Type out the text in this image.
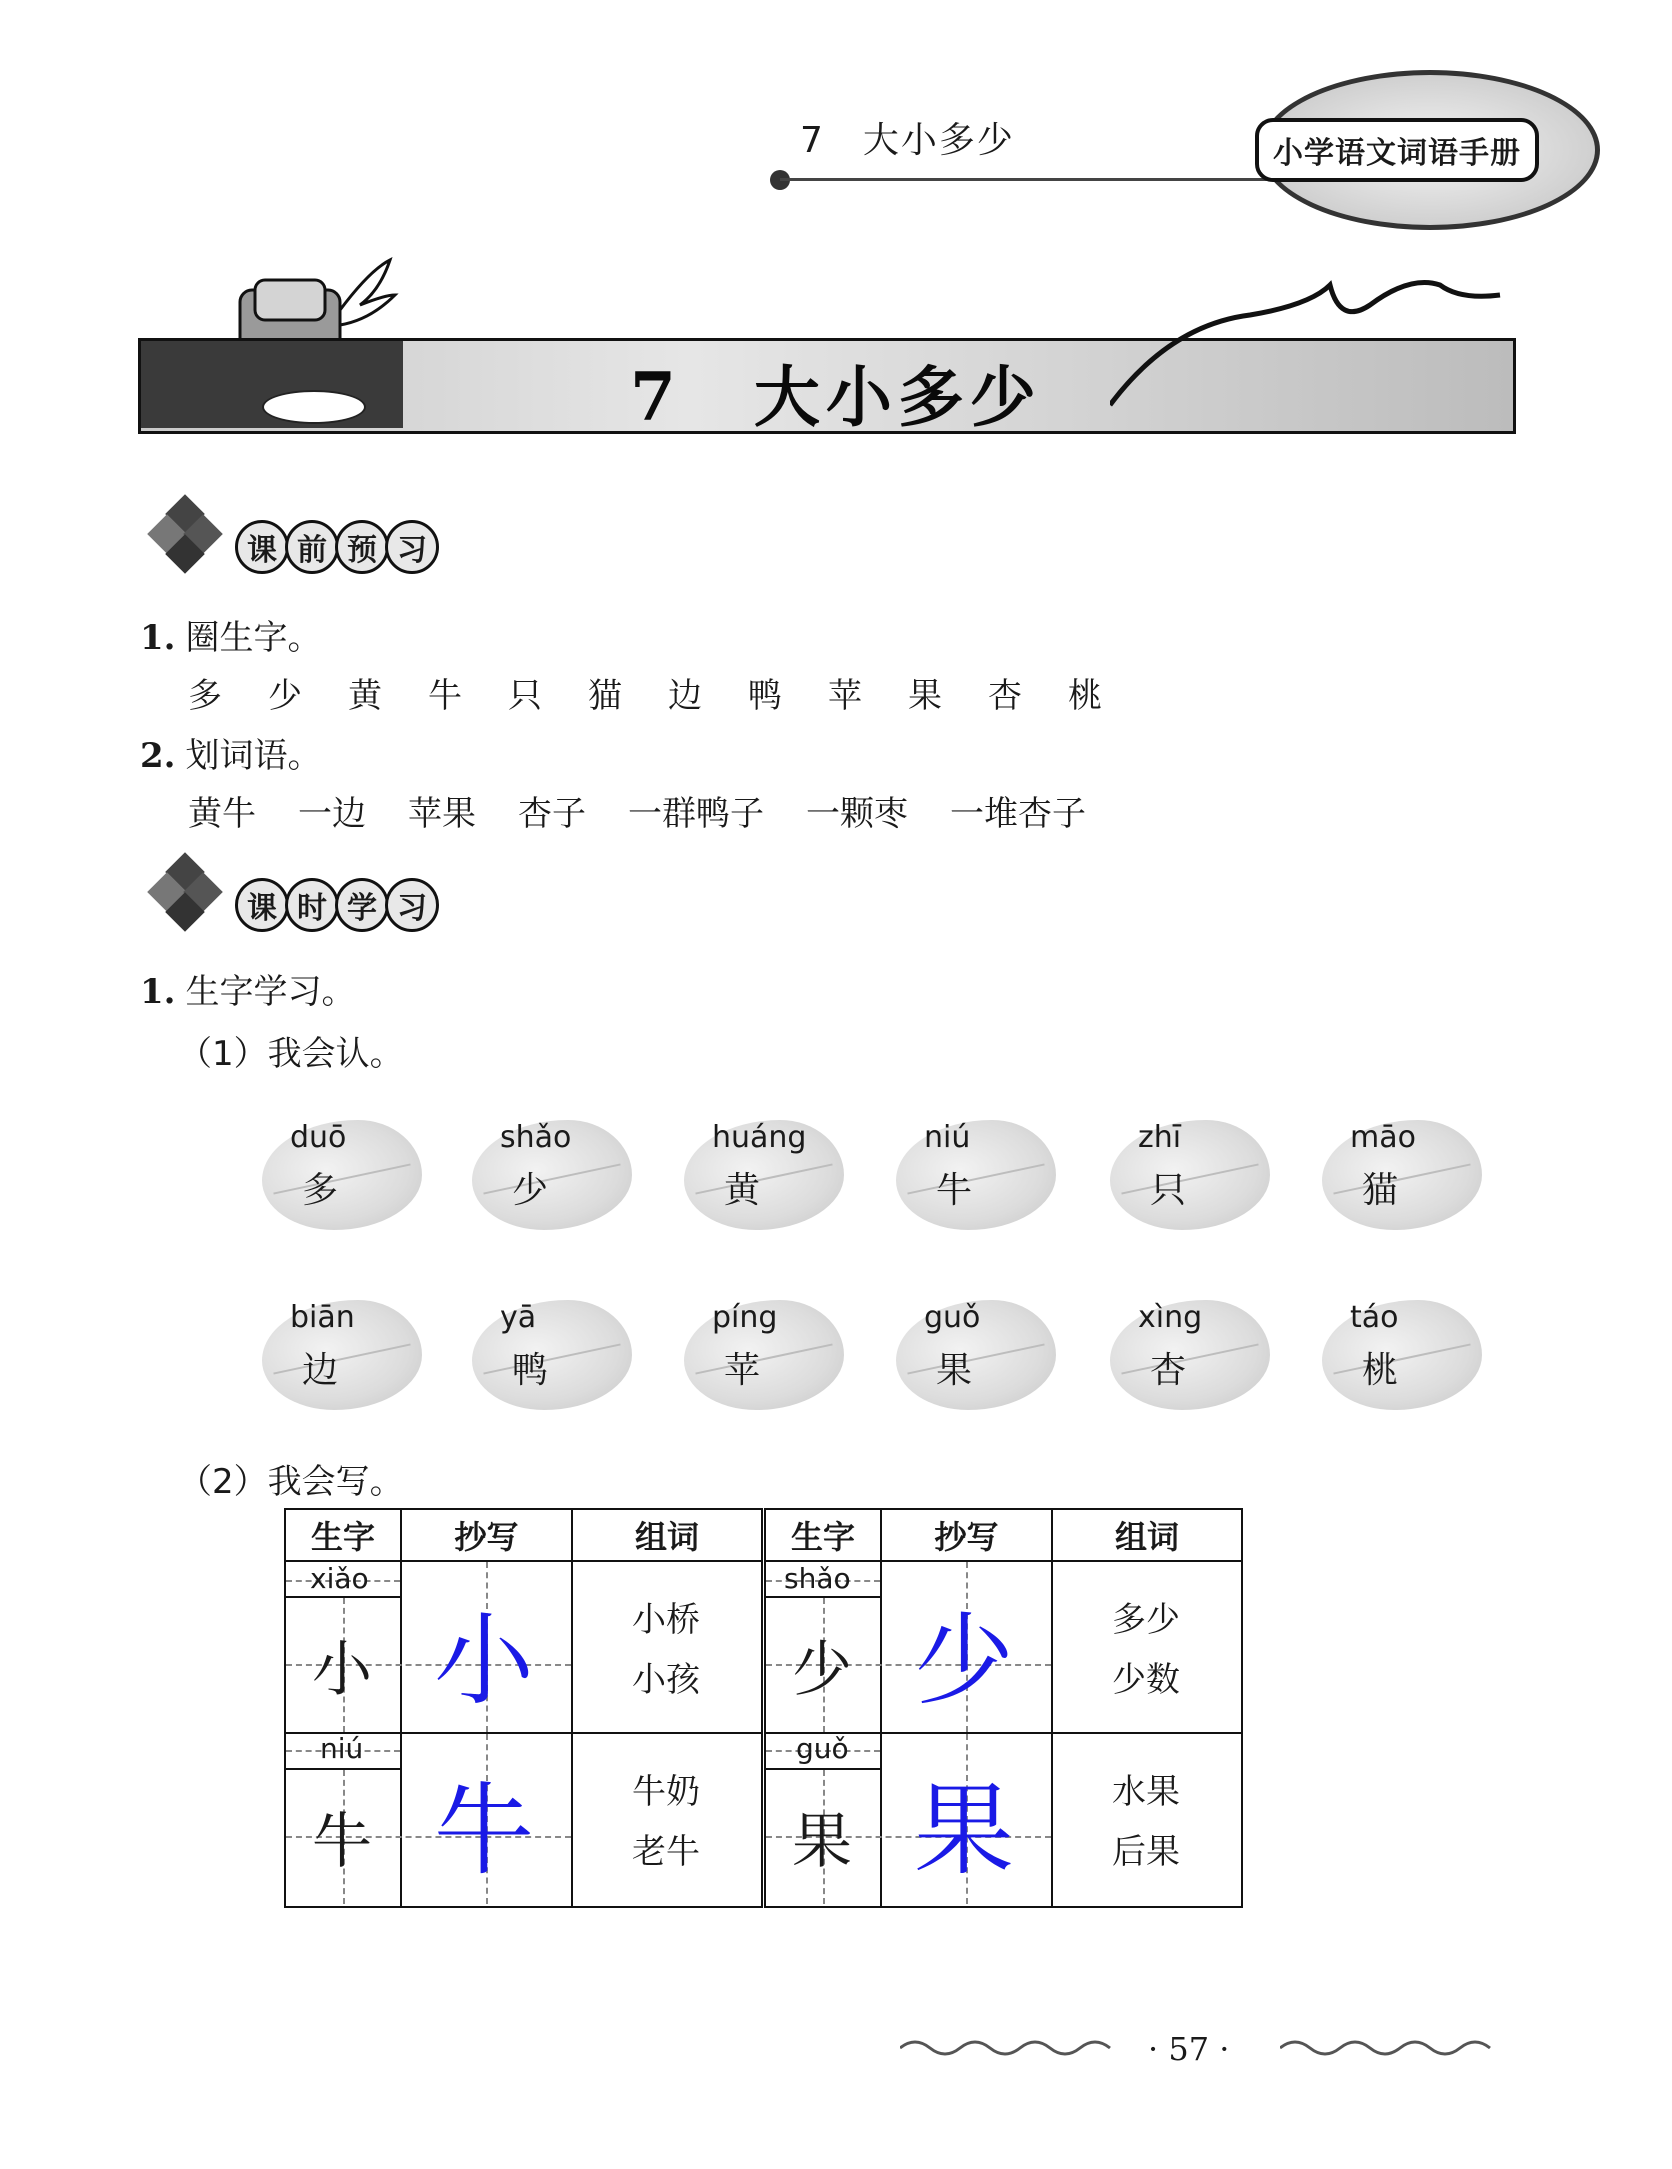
7　大小多少	小学语文词语手册
7　大小多少
课 前 预 习
1. 圈生字。
多 少 黄 牛 只 猫 边 鸭 苹 果 杏 桃
2. 划词语。
黄牛 一边 苹果 杏子 一群鸭子 一颗枣 一堆杏子
课 时 学 习
1. 生字学习。
（1）我会认。
duō
多
shǎo
少
huáng
黄
niú
牛
zhī
只
māo
猫
biān
边
yā
鸭
píng
苹
guǒ
果
xìng
杏
táo
桃
（2）我会写。
生字	抄写	组词
xiǎo
小 小	小桥
小孩
niú
牛 牛	牛奶
老牛
生字	抄写	组词
shǎo
少 少	多少
少数
guǒ
果 果	水果
后果
· 57 ·
